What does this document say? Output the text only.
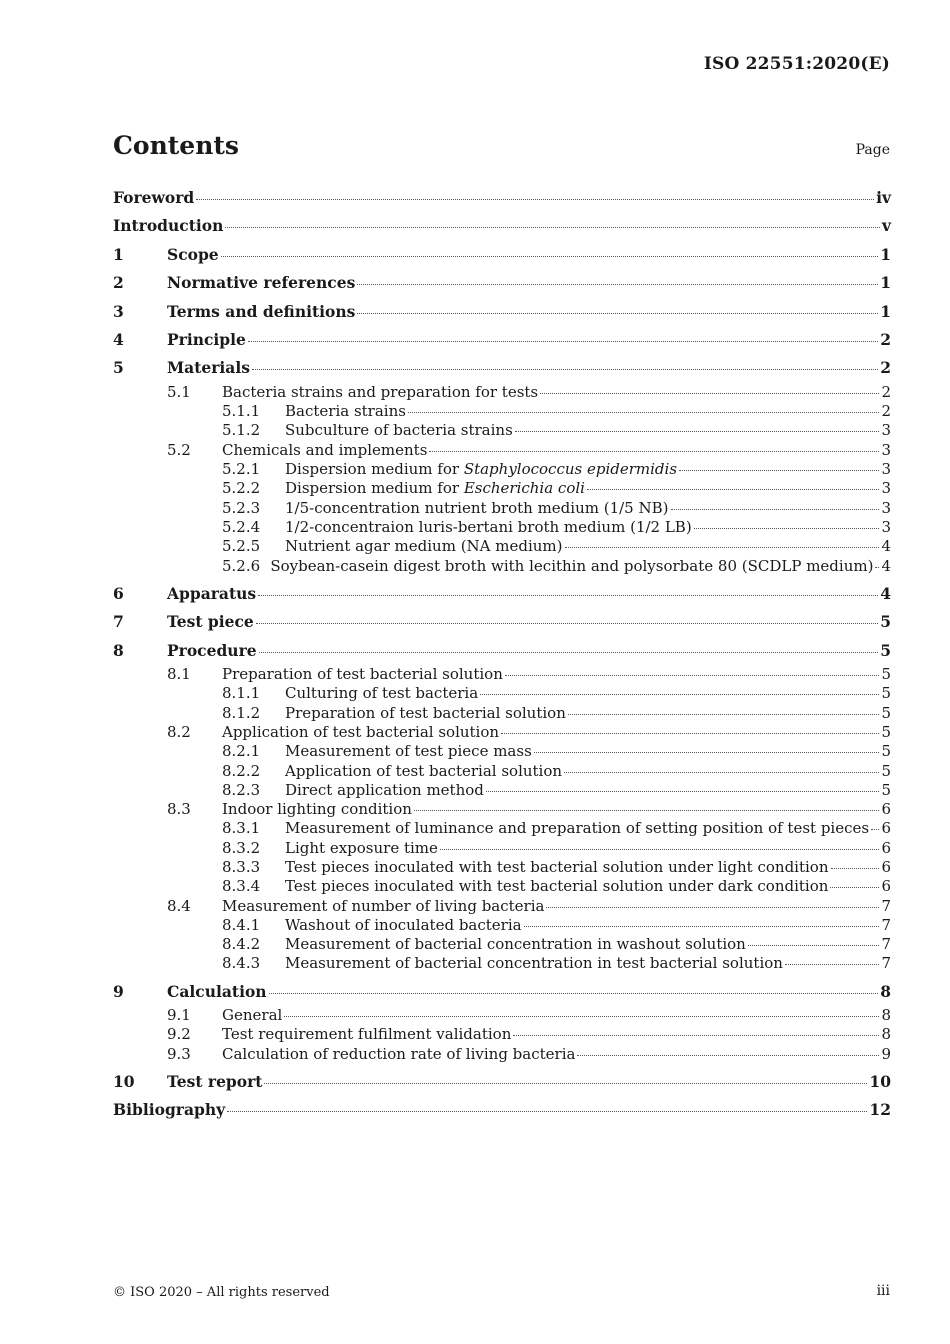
ISO 22551:2020(E)
Contents	Page
Foreword	iv
Introduction	v
1	Scope	1
2	Normative references	1
3	Terms and definitions	1
4	Principle	2
5	Materials	2
5.1	Bacteria strains and preparation for tests	2
5.1.1	Bacteria strains	2
5.1.2	Subculture of bacteria strains	3
5.2	Chemicals and implements	3
5.2.1	Dispersion medium for Staphylococcus epidermidis	3
5.2.2	Dispersion medium for Escherichia coli	3
5.2.3	1/5-concentration nutrient broth medium (1/5 NB)	3
5.2.4	1/2-concentraion luris-bertani broth medium (1/2 LB)	3
5.2.5	Nutrient agar medium (NA medium)	4
5.2.6 Soybean-casein digest broth with lecithin and polysorbate 80 (SCDLP medium) 4
6	Apparatus	4
7	Test piece	5
8	Procedure	5
8.1	Preparation of test bacterial solution	5
8.1.1	Culturing of test bacteria	5
8.1.2	Preparation of test bacterial solution	5
8.2	Application of test bacterial solution	5
8.2.1	Measurement of test piece mass	5
8.2.2	Application of test bacterial solution	5
8.2.3	Direct application method	5
8.3	Indoor lighting condition	6
8.3.1	Measurement of luminance and preparation of setting position of test pieces 6
8.3.2	Light exposure time	6
8.3.3	Test pieces inoculated with test bacterial solution under light condition	6
8.3.4	Test pieces inoculated with test bacterial solution under dark condition	6
8.4	Measurement of number of living bacteria	7
8.4.1	Washout of inoculated bacteria	7
8.4.2	Measurement of bacterial concentration in washout solution	7
8.4.3	Measurement of bacterial concentration in test bacterial solution	7
9	Calculation	8
9.1	General	8
9.2	Test requirement fulfilment validation	8
9.3	Calculation of reduction rate of living bacteria	9
10	Test report	10
Bibliography	12
© ISO 2020 – All rights reserved	iii
